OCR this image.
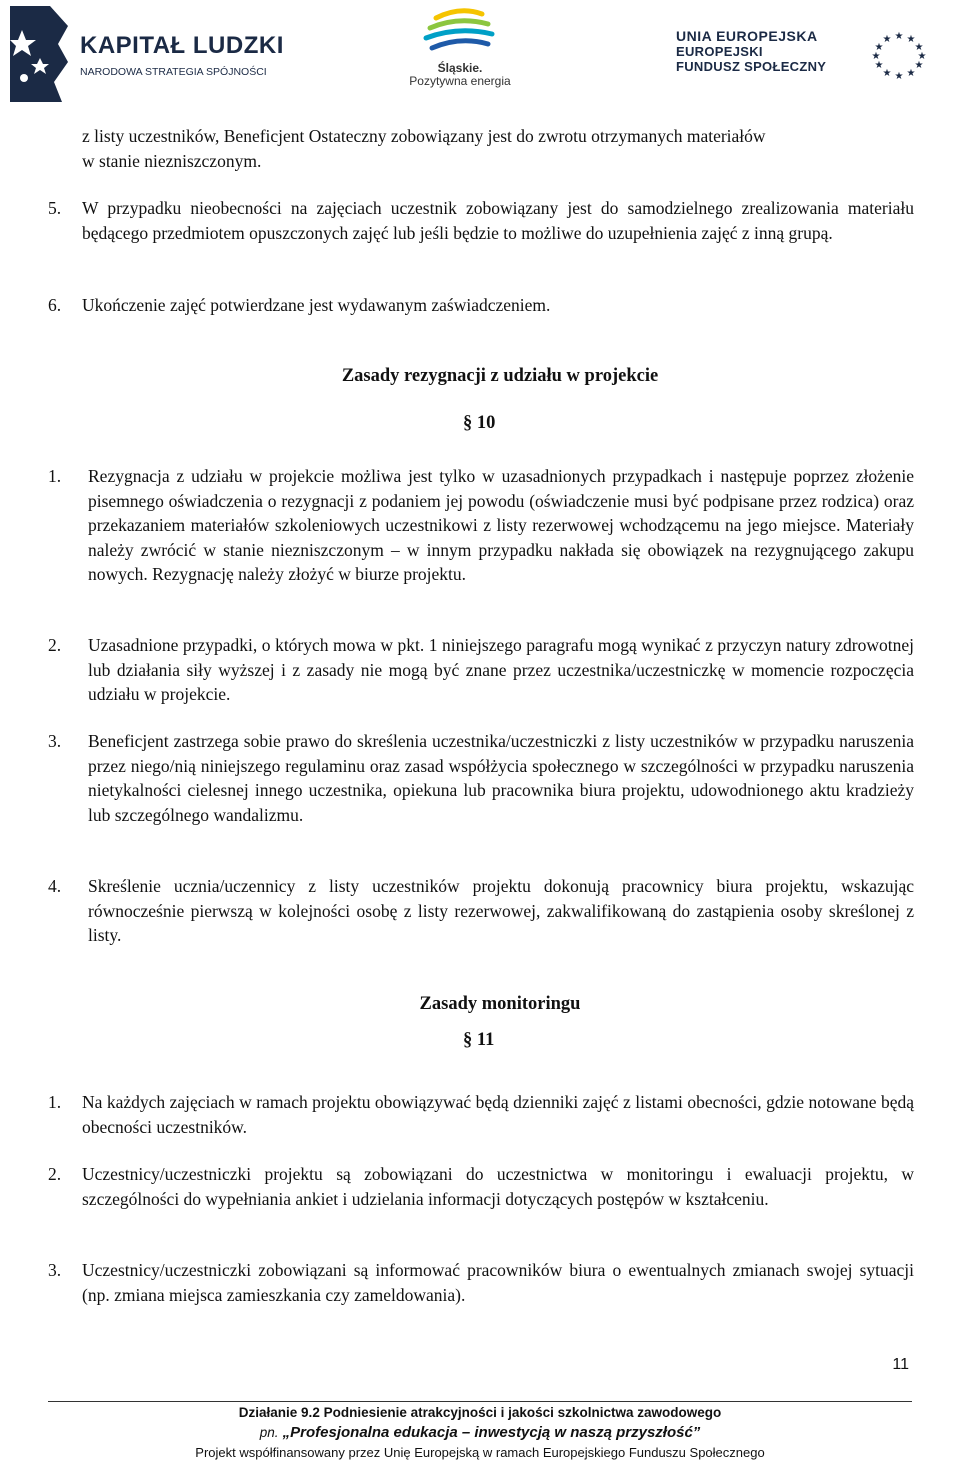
KAPITAŁ LUDZKI
NARODOWA STRATEGIA SPÓJNOŚCI	Śląskie.
Pozytywna energia
UNIA EUROPEJSKA
EUROPEJSKI
FUNDUSZ SPOŁECZNY
★ ★
★
★
★
★
★
★
★
★
★
★

z listy uczestników, Beneficjent Ostateczny zobowiązany jest do zwrotu otrzymanych materiałów

w stanie niezniszczonym.

5. W przypadku nieobecności na zajęciach uczestnik zobowiązany jest do samodzielnego zrealizowania materiału będącego przedmiotem opuszczonych zajęć lub jeśli będzie to możliwe do uzupełnienia zajęć z inną grupą.

6. Ukończenie zajęć potwierdzane jest wydawanym zaświadczeniem.

Zasady rezygnacji z udziału w projekcie
§ 10
1. Rezygnacja z udziału w projekcie możliwa jest tylko w uzasadnionych przypadkach i następuje poprzez złożenie pisemnego oświadczenia o rezygnacji z podaniem jej powodu (oświadczenie musi być podpisane przez rodzica) oraz przekazaniem materiałów szkoleniowych uczestnikowi z listy rezerwowej wchodzącemu na jego miejsce. Materiały należy zwrócić w stanie niezniszczonym – w innym przypadku nakłada się obowiązek na rezygnującego zakupu nowych. Rezygnację należy złożyć w biurze projektu.

2. Uzasadnione przypadki, o których mowa w pkt. 1 niniejszego paragrafu mogą wynikać z przyczyn natury zdrowotnej lub działania siły wyższej i z zasady nie mogą być znane przez uczestnika/uczestniczkę w momencie rozpoczęcia udziału w projekcie.

3. Beneficjent zastrzega sobie prawo do skreślenia uczestnika/uczestniczki z listy uczestników w przypadku naruszenia przez niego/nią niniejszego regulaminu oraz zasad współżycia społecznego w szczególności w przypadku naruszenia nietykalności cielesnej innego uczestnika, opiekuna lub pracownika biura projektu, udowodnionego aktu kradzieży lub szczególnego wandalizmu.

4. Skreślenie ucznia/uczennicy z listy uczestników projektu dokonują pracownicy biura projektu, wskazując równocześnie pierwszą w kolejności osobę z listy rezerwowej, zakwalifikowaną do zastąpienia osoby skreślonej z listy.

Zasady monitoringu
§ 11
1. Na każdych zajęciach w ramach projektu obowiązywać będą dzienniki zajęć z listami obecności, gdzie notowane będą obecności uczestników.

2. Uczestnicy/uczestniczki projektu są zobowiązani do uczestnictwa w monitoringu i ewaluacji projektu, w szczególności do wypełniania ankiet i udzielania informacji dotyczących postępów w kształceniu.

3. Uczestnicy/uczestniczki zobowiązani są informować pracowników biura o ewentualnych zmianach swojej sytuacji (np. zmiana miejsca zamieszkania czy zameldowania).

11
Działanie 9.2 Podniesienie atrakcyjności i jakości szkolnictwa zawodowego
pn. „Profesjonalna edukacja – inwestycją w naszą przyszłość”
Projekt współfinansowany przez Unię Europejską w ramach Europejskiego Funduszu Społecznego
